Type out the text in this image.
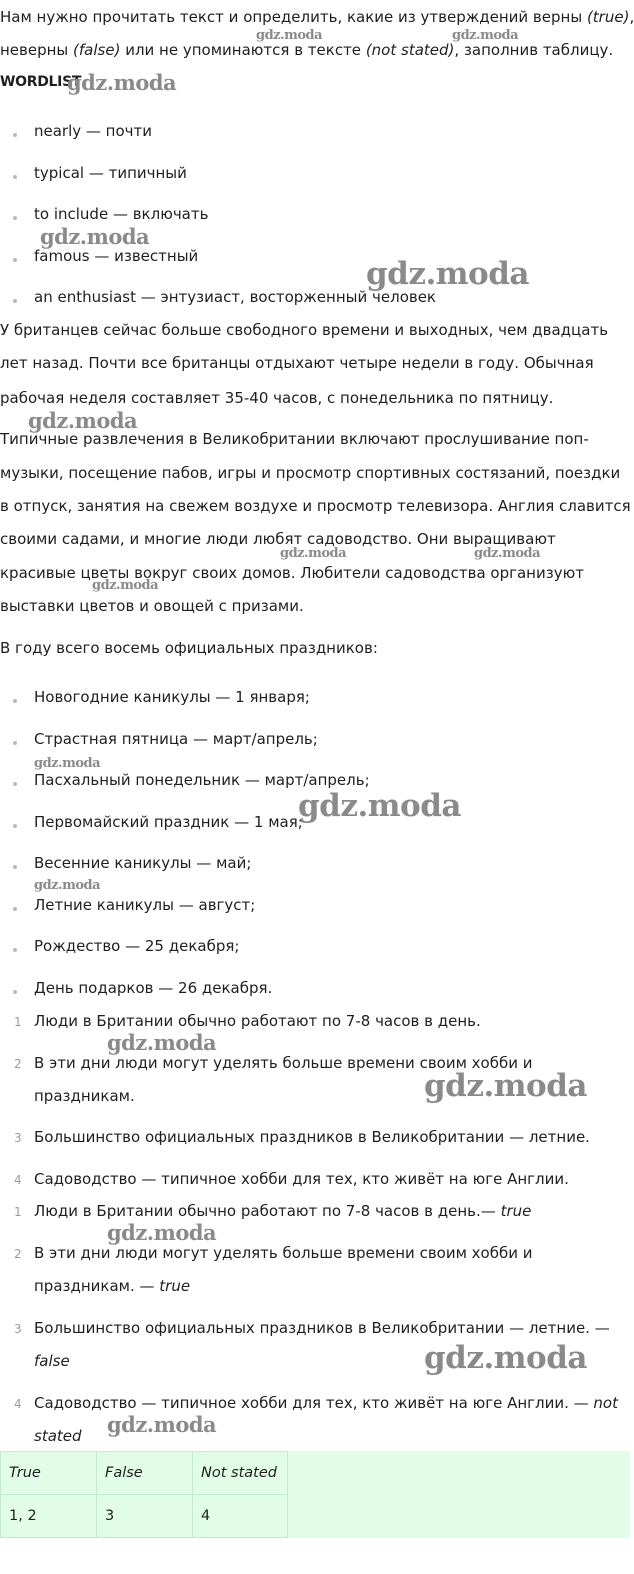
Нам нужно прочитать текст и определить, какие из утверждений верны (true),
неверны (false) или не упоминаются в тексте (not stated), заполнив таблицу.
WORDLIST
nearly — почти
typical — типичный
to include — включать
famous — известный
an enthusiast — энтузиаст, восторженный человек
У британцев сейчас больше свободного времени и выходных, чем двадцать
лет назад. Почти все британцы отдыхают четыре недели в году. Обычная
рабочая неделя составляет 35-40 часов, с понедельника по пятницу.
Типичные развлечения в Великобритании включают прослушивание поп-
музыки, посещение пабов, игры и просмотр спортивных состязаний, поездки
в отпуск, занятия на свежем воздухе и просмотр телевизора. Англия славится
своими садами, и многие люди любят садоводство. Они выращивают
красивые цветы вокруг своих домов. Любители садоводства организуют
выставки цветов и овощей с призами.
В году всего восемь официальных праздников:
Новогодние каникулы — 1 января;
Страстная пятница — март/апрель;
Пасхальный понедельник — март/апрель;
Первомайский праздник — 1 мая;
Весенние каникулы — май;
Летние каникулы — август;
Рождество — 25 декабря;
День подарков — 26 декабря.
1 Люди в Британии обычно работают по 7-8 часов в день.
2 В эти дни люди могут уделять больше времени своим хобби и
праздникам.
3 Большинство официальных праздников в Великобритании — летние.
4 Садоводство — типичное хобби для тех, кто живёт на юге Англии.
1 Люди в Британии обычно работают по 7-8 часов в день.— true
2 В эти дни люди могут уделять больше времени своим хобби и
праздникам. — true
3 Большинство официальных праздников в Великобритании — летние. —
false
4 Садоводство — типичное хобби для тех, кто живёт на юге Англии. — not
stated
True	False	Not stated	
1, 2	3	4	
gdz.moda
gdz.moda	gdz.moda
gdz.moda
gdz.moda
gdz.moda
gdz.moda	gdz.moda
gdz.moda
gdz.moda
gdz.moda
gdz.moda
gdz.moda
gdz.moda
gdz.moda
gdz.moda
gdz.moda
